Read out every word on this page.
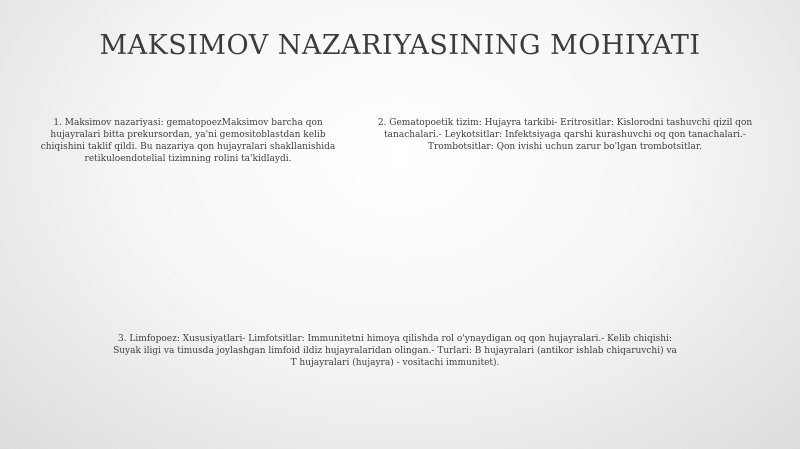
MAKSIMOV NAZARIYASINING MOHIYATI

1. Maksimov nazariyasi: gematopoezMaksimov barcha qon hujayralari bitta prekursordan, ya'ni gemositoblastdan kelib chiqishini taklif qildi. Bu nazariya qon hujayralari shakllanishida retikuloendotelial tizimning rolini ta'kidlaydi.

2. Gematopoetik tizim: Hujayra tarkibi- Eritrositlar: Kislorodni tashuvchi qizil qon tanachalari.- Leykotsitlar: Infektsiyaga qarshi kurashuvchi oq qon tanachalari.- Trombotsitlar: Qon ivishi uchun zarur bo'lgan trombotsitlar.

3. Limfopoez: Xususiyatlari- Limfotsitlar: Immunitetni himoya qilishda rol o'ynaydigan oq qon hujayralari.- Kelib chiqishi: Suyak iligi va timusda joylashgan limfoid ildiz hujayralaridan olingan.- Turlari: B hujayralari (antikor ishlab chiqaruvchi) va T hujayralari (hujayra) - vositachi immunitet).
